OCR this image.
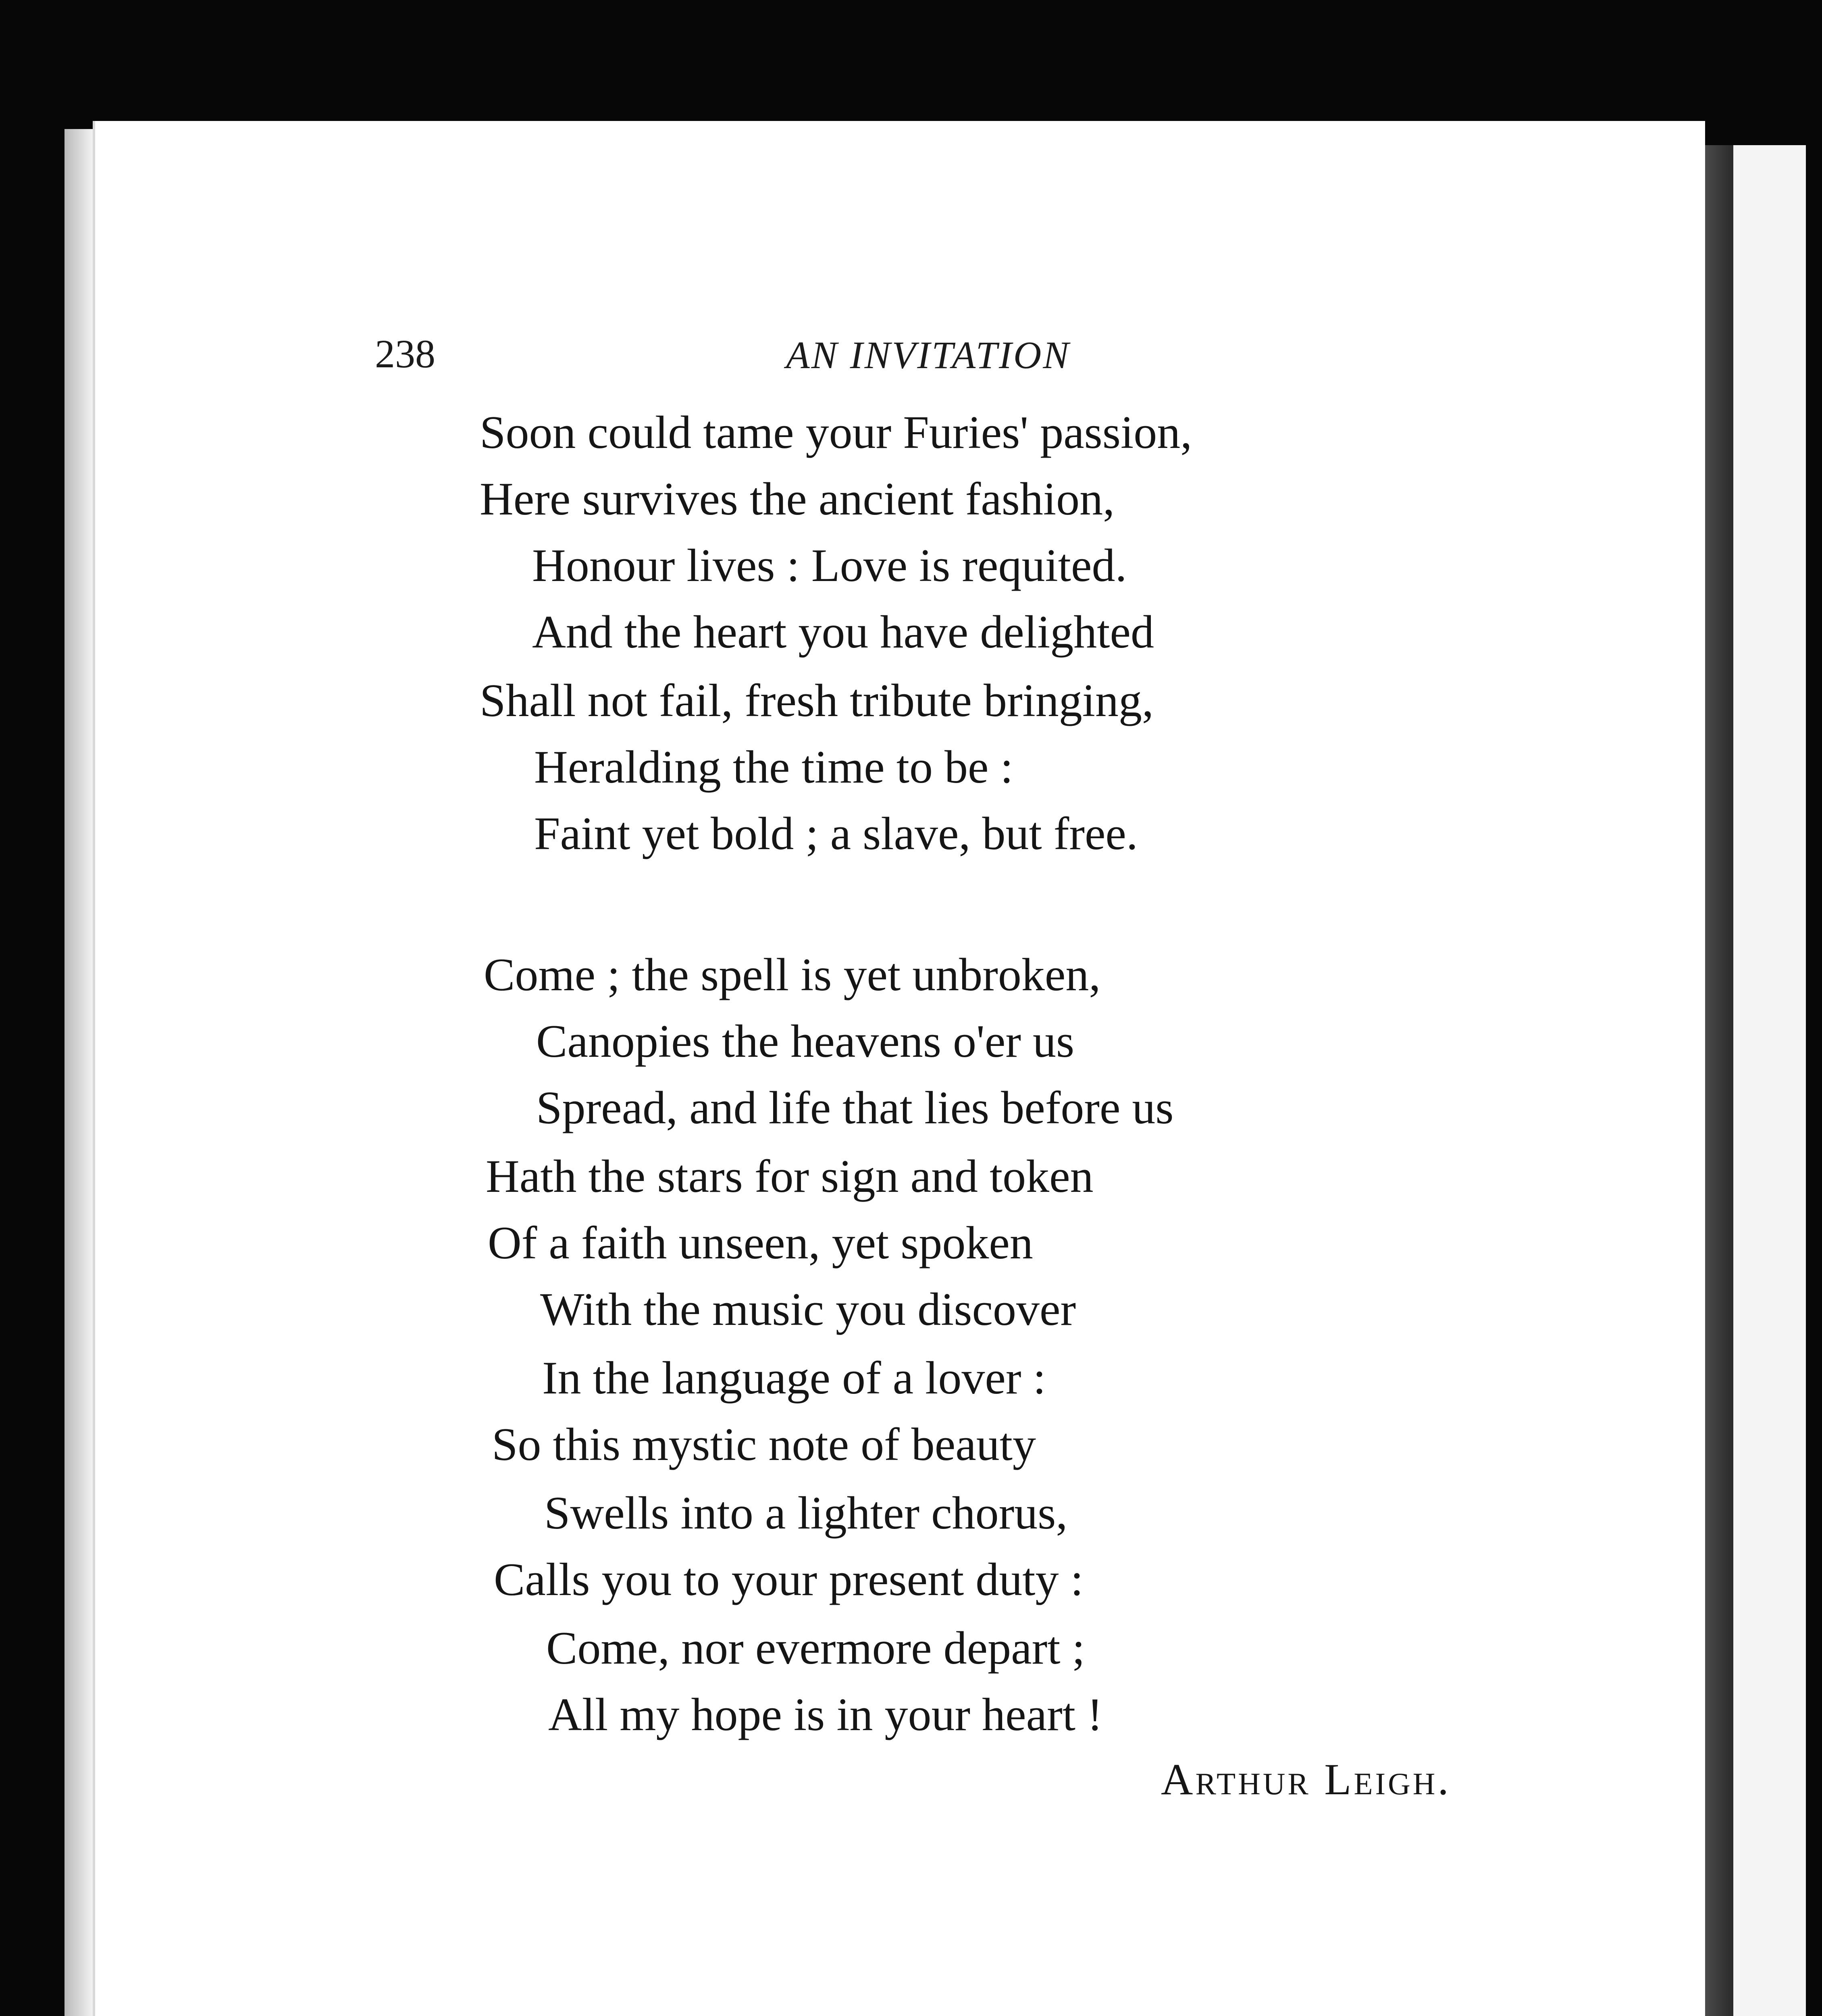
238	AN INVITATION
Soon could tame your Furies' passion,
Here survives the ancient fashion,
Honour lives : Love is requited.
And the heart you have delighted
Shall not fail, fresh tribute bringing,
Heralding the time to be :
Faint yet bold ; a slave, but free.
Come ; the spell is yet unbroken,
Canopies the heavens o'er us
Spread, and life that lies before us
Hath the stars for sign and token
Of a faith unseen, yet spoken
With the music you discover
In the language of a lover :
So this mystic note of beauty
Swells into a lighter chorus,
Calls you to your present duty :
Come, nor evermore depart ;
All my hope is in your heart !
Arthur Leigh.
